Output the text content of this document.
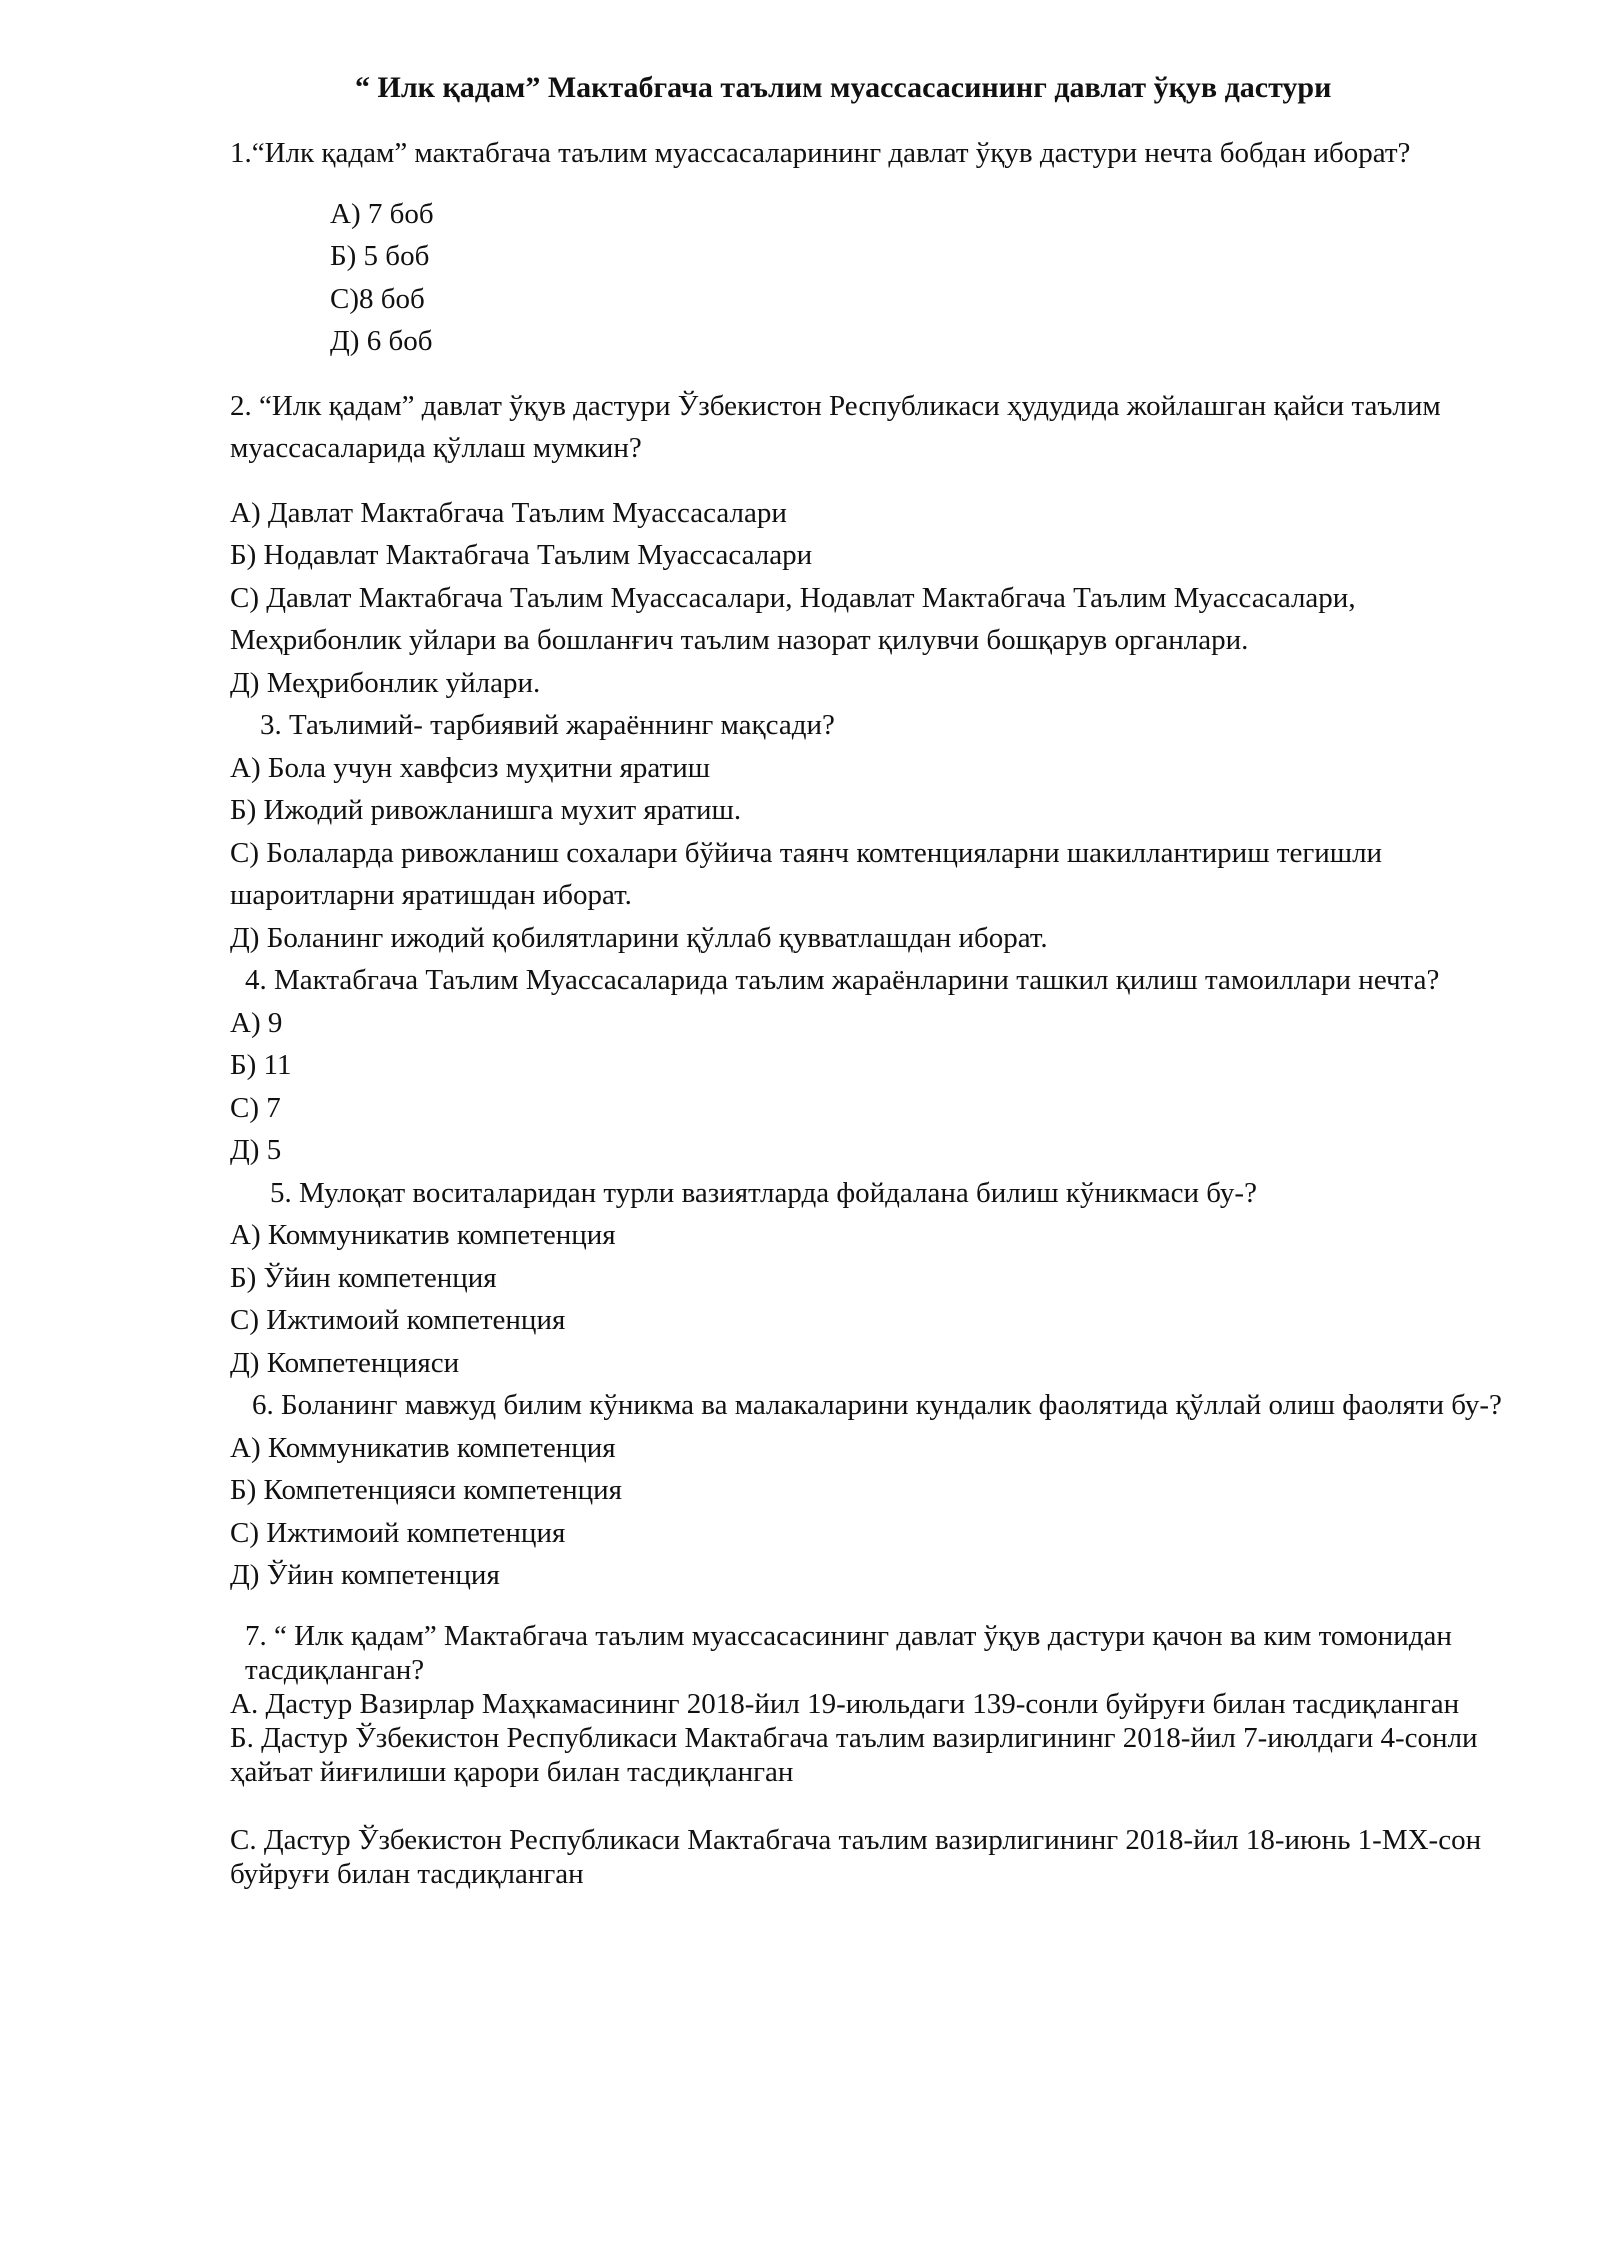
“ Илк қадам” Мактабгача таълим муассасасининг давлат ўқув дастури

1.“Илк қадам” мактабгача таълим муассасаларининг давлат ўқув дастури нечта бобдан иборат?

А) 7 боб

Б) 5 боб

С)8 боб

Д) 6 боб

2. “Илк қадам” давлат ўқув дастури Ўзбекистон Республикаси ҳудудида жойлашган қайси таълим муассасаларида қўллаш мумкин?

А) Давлат Мактабгача Таълим Муассасалари

Б) Нодавлат Мактабгача Таълим Муассасалари

С) Давлат Мактабгача Таълим Муассасалари, Нодавлат Мактабгача Таълим Муассасалари, Меҳрибонлик уйлари ва бошланғич таълим назорат қилувчи бошқарув органлари.

Д) Меҳрибонлик уйлари.

3. Таълимий- тарбиявий жараённинг мақсади?

А) Бола учун хавфсиз муҳитни яратиш

Б) Ижодий ривожланишга мухит яратиш.

С) Болаларда ривожланиш сохалари бўйича таянч комтенцияларни шакиллантириш тегишли шароитларни яратишдан иборат.

Д) Боланинг ижодий қобилятларини қўллаб қувватлашдан иборат.

4. Мактабгача Таълим Муассасаларида таълим жараёнларини ташкил қилиш тамоиллари нечта?

А) 9

Б) 11

С) 7

Д) 5

5. Мулоқат воситаларидан турли вазиятларда фойдалана билиш кўникмаси бу-?

А) Коммуникатив компетенция

Б) Ўйин компетенция

С) Ижтимоий компетенция

Д) Компетенцияси

6. Боланинг мавжуд билим кўникма ва малакаларини кундалик фаолятида қўллай олиш фаоляти бу-?

А) Коммуникатив компетенция

Б) Компетенцияси компетенция

С) Ижтимоий компетенция

Д) Ўйин компетенция

7. “ Илк қадам” Мактабгача таълим муассасасининг давлат ўқув дастури қачон ва ким томонидан тасдиқланган?

А. Дастур Вазирлар Маҳкамасининг 2018-йил 19-июльдаги 139-сонли буйруғи билан тасдиқланган

Б. Дастур Ўзбекистон Республикаси Мактабгача таълим вазирлигининг 2018-йил 7-июлдаги 4-сонли ҳайъат йиғилиши қарори билан тасдиқланган

С. Дастур Ўзбекистон Республикаси Мактабгача таълим вазирлигининг 2018-йил 18-июнь 1-МХ-сон буйруғи билан тасдиқланган
